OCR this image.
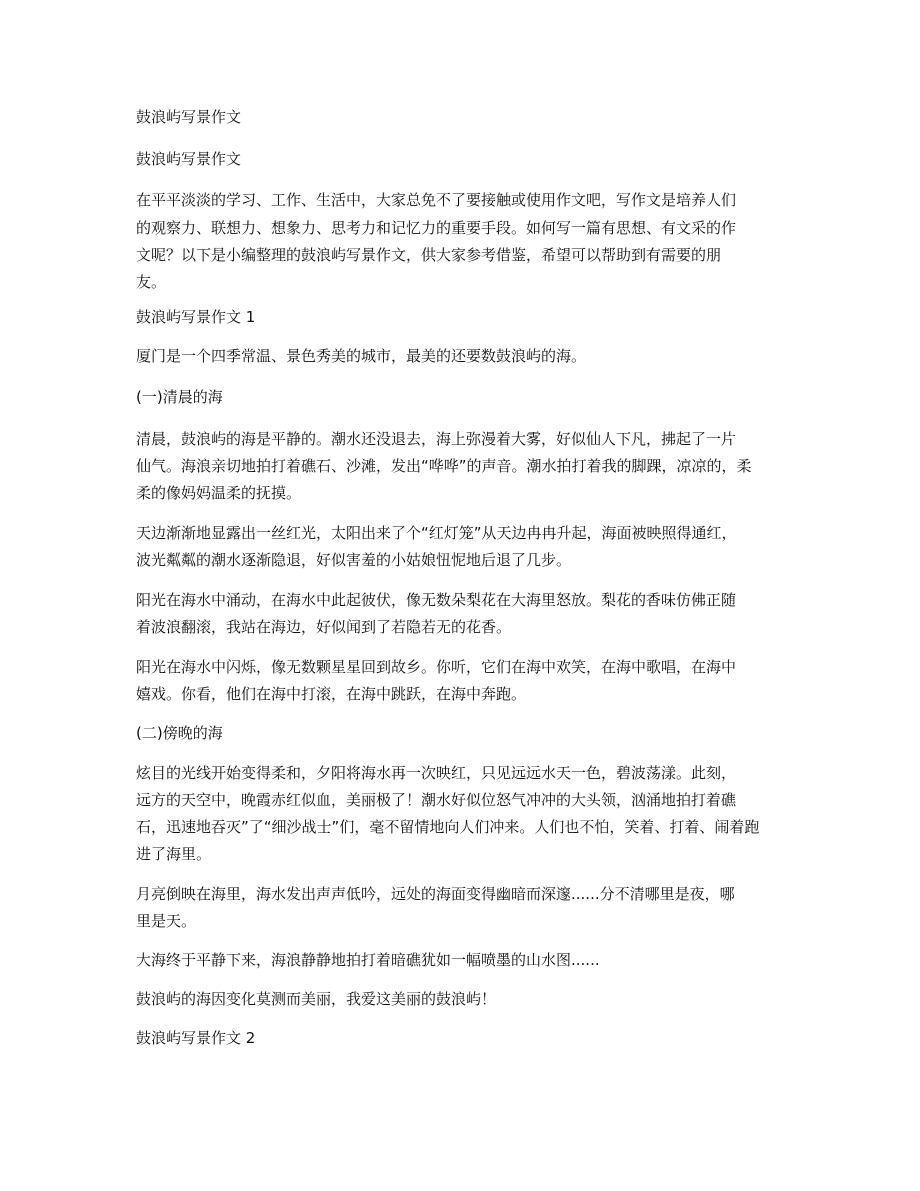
鼓浪屿写景作文

鼓浪屿写景作文

在平平淡淡的学习、工作、生活中，大家总免不了要接触或使用作文吧，写作文是培养人们

的观察力、联想力、想象力、思考力和记忆力的重要手段。如何写一篇有思想、有文采的作

文呢？以下是小编整理的鼓浪屿写景作文，供大家参考借鉴，希望可以帮助到有需要的朋

友。

鼓浪屿写景作文 1

厦门是一个四季常温、景色秀美的城市，最美的还要数鼓浪屿的海。

(一)清晨的海

清晨，鼓浪屿的海是平静的。潮水还没退去，海上弥漫着大雾，好似仙人下凡，拂起了一片

仙气。海浪亲切地拍打着礁石、沙滩，发出“哗哗”的声音。潮水拍打着我的脚踝，凉凉的，柔

柔的像妈妈温柔的抚摸。

天边渐渐地显露出一丝红光，太阳出来了个“红灯笼”从天边冉冉升起，海面被映照得通红，

波光粼粼的潮水逐渐隐退，好似害羞的小姑娘忸怩地后退了几步。

阳光在海水中涌动，在海水中此起彼伏，像无数朵梨花在大海里怒放。梨花的香味仿佛正随

着波浪翻滚，我站在海边，好似闻到了若隐若无的花香。

阳光在海水中闪烁，像无数颗星星回到故乡。你听，它们在海中欢笑，在海中歌唱，在海中

嬉戏。你看，他们在海中打滚，在海中跳跃，在海中奔跑。

(二)傍晚的海

炫目的光线开始变得柔和，夕阳将海水再一次映红，只见远远水天一色，碧波荡漾。此刻，

远方的天空中，晚霞赤红似血，美丽极了！潮水好似位怒气冲冲的大头领，汹涌地拍打着礁

石，迅速地吞灭”了“细沙战士”们，毫不留情地向人们冲来。人们也不怕，笑着、打着、闹着跑

进了海里。

月亮倒映在海里，海水发出声声低吟，远处的海面变得幽暗而深邃......分不清哪里是夜，哪

里是天。

大海终于平静下来，海浪静静地拍打着暗礁犹如一幅喷墨的山水图......

鼓浪屿的海因变化莫测而美丽，我爱这美丽的鼓浪屿！

鼓浪屿写景作文 2
